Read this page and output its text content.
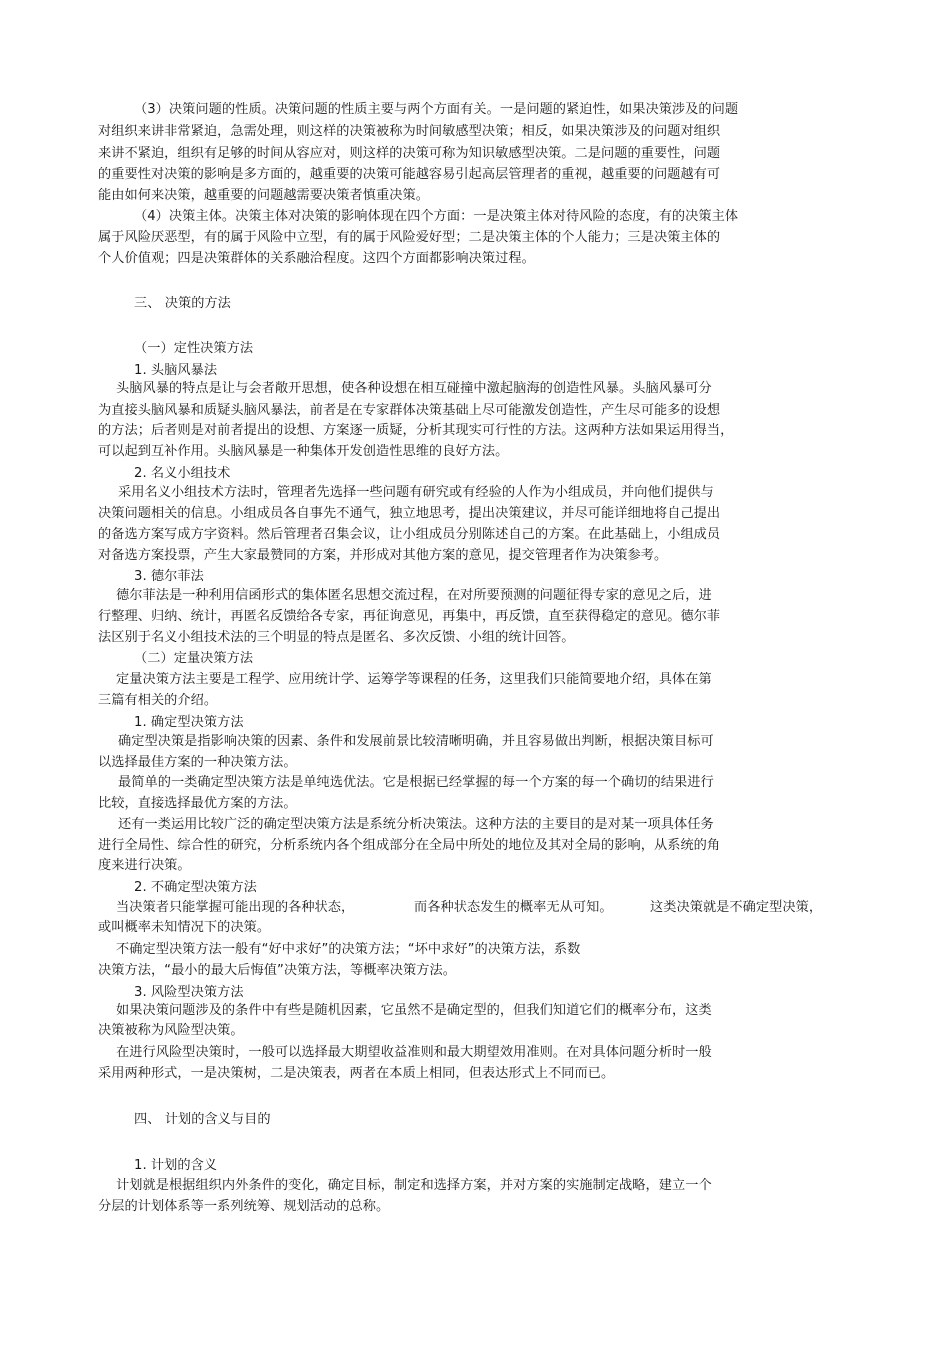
（3）决策问题的性质。决策问题的性质主要与两个方面有关。一是问题的紧迫性，如果决策涉及的问题
对组织来讲非常紧迫，急需处理，则这样的决策被称为时间敏感型决策；相反，如果决策涉及的问题对组织
来讲不紧迫，组织有足够的时间从容应对，则这样的决策可称为知识敏感型决策。二是问题的重要性，问题
的重要性对决策的影响是多方面的，越重要的决策可能越容易引起高层管理者的重视，越重要的问题越有可
能由如何来决策，越重要的问题越需要决策者慎重决策。
（4）决策主体。决策主体对决策的影响体现在四个方面：一是决策主体对待风险的态度，有的决策主体
属于风险厌恶型，有的属于风险中立型，有的属于风险爱好型；二是决策主体的个人能力；三是决策主体的
个人价值观；四是决策群体的关系融洽程度。这四个方面都影响决策过程。
三、 决策的方法
（一）定性决策方法
1. 头脑风暴法
头脑风暴的特点是让与会者敞开思想，使各种设想在相互碰撞中激起脑海的创造性风暴。头脑风暴可分
为直接头脑风暴和质疑头脑风暴法，前者是在专家群体决策基础上尽可能激发创造性，产生尽可能多的设想
的方法；后者则是对前者提出的设想、方案逐一质疑，分析其现实可行性的方法。这两种方法如果运用得当，
可以起到互补作用。头脑风暴是一种集体开发创造性思维的良好方法。
2. 名义小组技术
采用名义小组技术方法时，管理者先选择一些问题有研究或有经验的人作为小组成员，并向他们提供与
决策问题相关的信息。小组成员各自事先不通气，独立地思考，提出决策建议，并尽可能详细地将自己提出
的备选方案写成方字资料。然后管理者召集会议，让小组成员分别陈述自己的方案。在此基础上，小组成员
对备选方案投票，产生大家最赞同的方案，并形成对其他方案的意见，提交管理者作为决策参考。
3. 德尔菲法
德尔菲法是一种利用信函形式的集体匿名思想交流过程，在对所要预测的问题征得专家的意见之后，进
行整理、归纳、统计，再匿名反馈给各专家，再征询意见，再集中，再反馈，直至获得稳定的意见。德尔菲
法区别于名义小组技术法的三个明显的特点是匿名、多次反馈、小组的统计回答。
（二）定量决策方法
定量决策方法主要是工程学、应用统计学、运筹学等课程的任务，这里我们只能简要地介绍，具体在第
三篇有相关的介绍。
1. 确定型决策方法
确定型决策是指影响决策的因素、条件和发展前景比较清晰明确，并且容易做出判断，根据决策目标可
以选择最佳方案的一种决策方法。
最简单的一类确定型决策方法是单纯选优法。它是根据已经掌握的每一个方案的每一个确切的结果进行
比较，直接选择最优方案的方法。
还有一类运用比较广泛的确定型决策方法是系统分析决策法。这种方法的主要目的是对某一项具体任务
进行全局性、综合性的研究，分析系统内各个组成部分在全局中所处的地位及其对全局的影响，从系统的角
度来进行决策。
2. 不确定型决策方法
当决策者只能掌握可能出现的各种状态，	而各种状态发生的概率无从可知。	这类决策就是不确定型决策，
或叫概率未知情况下的决策。
不确定型决策方法一般有“好中求好”的决策方法；“坏中求好”的决策方法，系数
决策方法，“最小的最大后悔值”决策方法，等概率决策方法。
3. 风险型决策方法
如果决策问题涉及的条件中有些是随机因素，它虽然不是确定型的，但我们知道它们的概率分布，这类
决策被称为风险型决策。
在进行风险型决策时，一般可以选择最大期望收益准则和最大期望效用准则。在对具体问题分析时一般
采用两种形式，一是决策树，二是决策表，两者在本质上相同，但表达形式上不同而已。
四、 计划的含义与目的
1. 计划的含义
计划就是根据组织内外条件的变化，确定目标，制定和选择方案，并对方案的实施制定战略，建立一个
分层的计划体系等一系列统筹、规划活动的总称。
